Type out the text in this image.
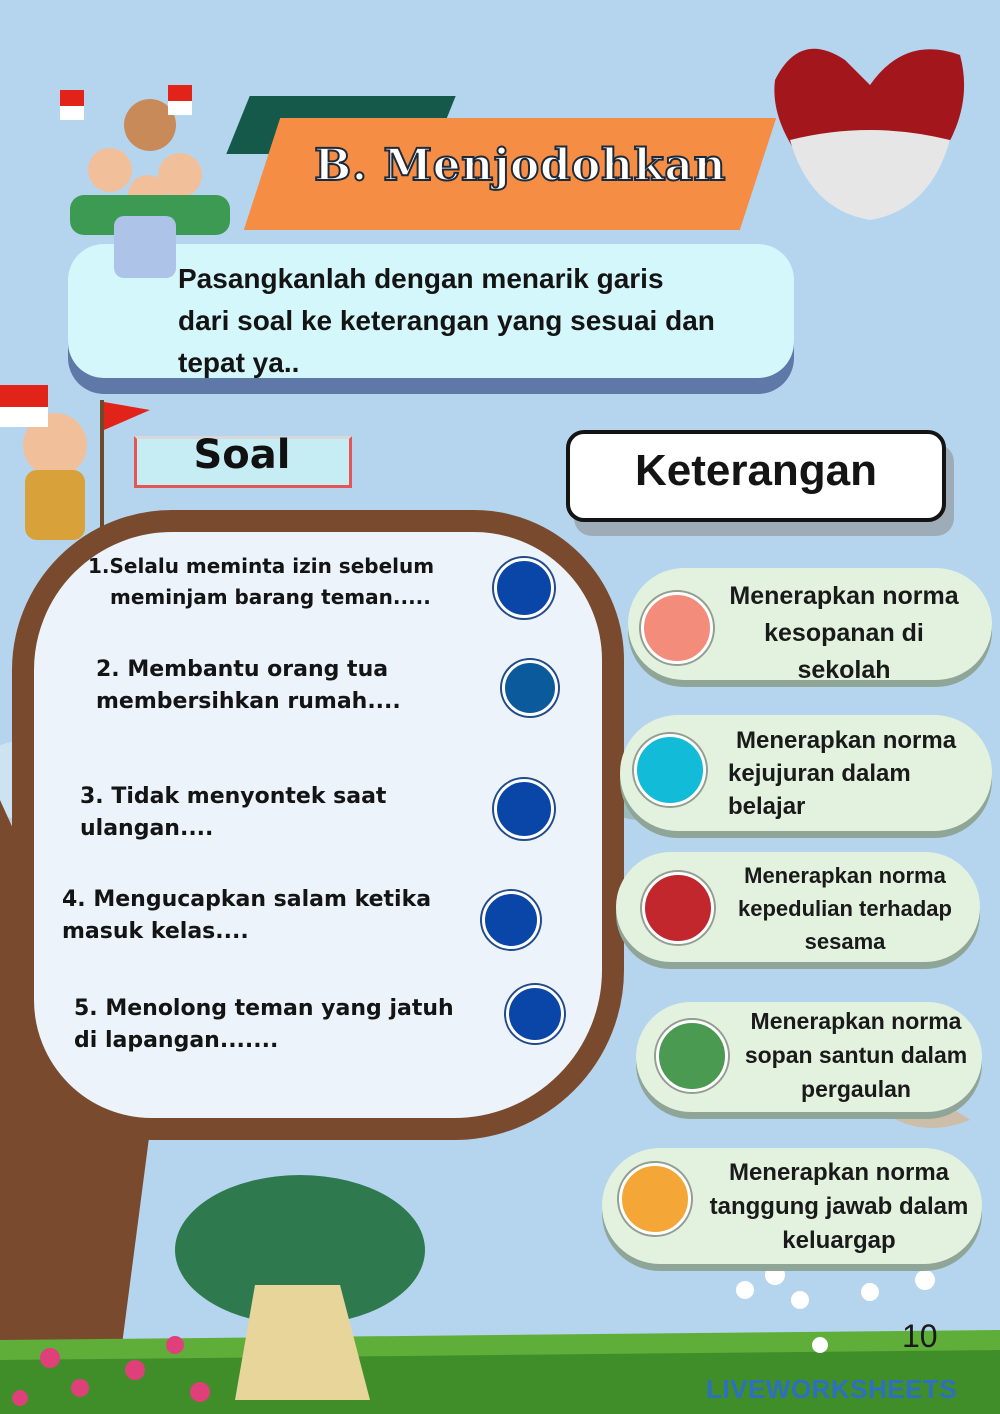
B. Menjodohkan
Pasangkanlah dengan menarik garis
dari soal ke keterangan yang sesuai dan
tepat ya..
Soal	Keterangan
1.Selalu meminta izin sebelum
meminjam barang teman.....
2. Membantu orang tua
membersihkan rumah....
3. Tidak menyontek saat
ulangan....
4. Mengucapkan salam ketika
masuk kelas....
5. Menolong teman yang jatuh
di lapangan.......
Menerapkan norma
kesopanan di
sekolah
Menerapkan norma
kejujuran dalam
belajar
Menerapkan norma
kepedulian terhadap
sesama
Menerapkan norma
sopan santun dalam
pergaulan
Menerapkan norma
tanggung jawab dalam
keluargap
10
LIVEWORKSHEETS
